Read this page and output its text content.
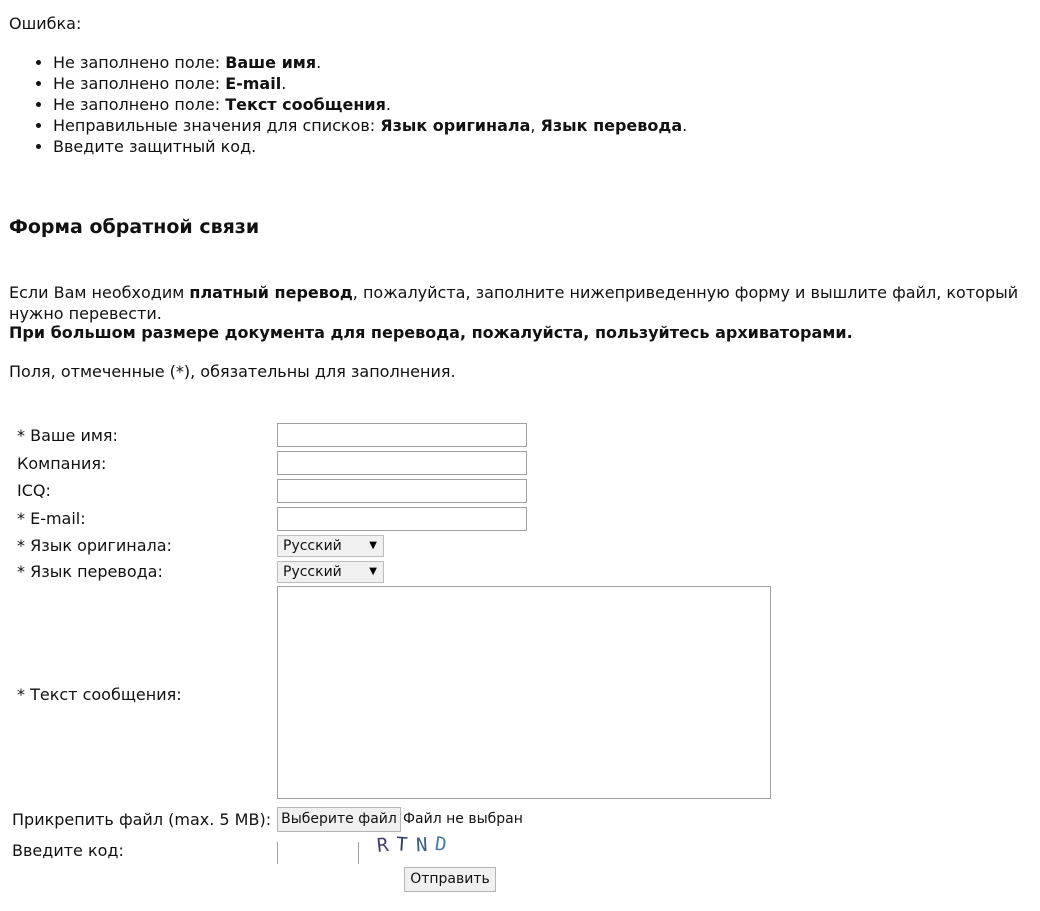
Ошибка:
• Не заполнено поле: Ваше имя.
• Не заполнено поле: E-mail.
• Не заполнено поле: Текст сообщения.
• Неправильные значения для списков: Язык оригинала, Язык перевода.
• Введите защитный код.
Форма обратной связи
Если Вам необходим платный перевод, пожалуйста, заполните нижеприведенную форму и вышлите файл, который нужно перевести.
При большом размере документа для перевода, пожалуйста, пользуйтесь архиваторами.
Поля, отмеченные (*), обязательны для заполнения.
* Ваше имя:
Компания:
ICQ:
* E-mail:
* Язык оригинала:	Русский	▼
* Язык перевода:	Русский	▼
* Текст сообщения:
Прикрепить файл (max. 5 MB): Выберите файл Файл не выбран
Введите код:	RTND
Отправить
